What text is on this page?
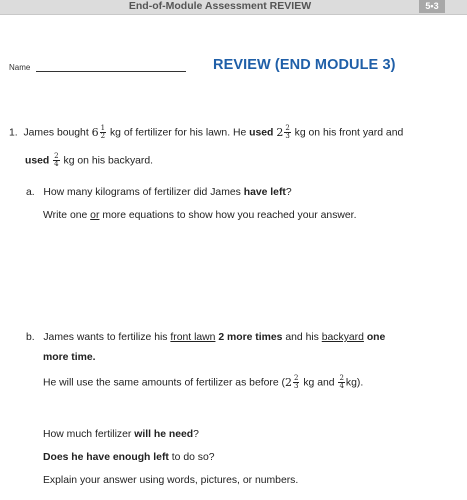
End-of-Module Assessment REVIEW	5•3
Name	REVIEW (END MODULE 3)
1. James bought $6 \frac{1}{2}$ kg of fertilizer for his lawn. He used $2 \frac{2}{3}$ kg on his front yard and
used $\frac{2}{4}$ kg on his backyard.
a. How many kilograms of fertilizer did James have left?
Write one or more equations to show how you reached your answer.
b. James wants to fertilize his front lawn 2 more times and his backyard one
more time.
He will use the same amounts of fertilizer as before ( $2 \frac{2}{3}$ kg and $\frac{2}{4} kg$).
How much fertilizer will he need?
Does he have enough left to do so?
Explain your answer using words, pictures, or numbers.
